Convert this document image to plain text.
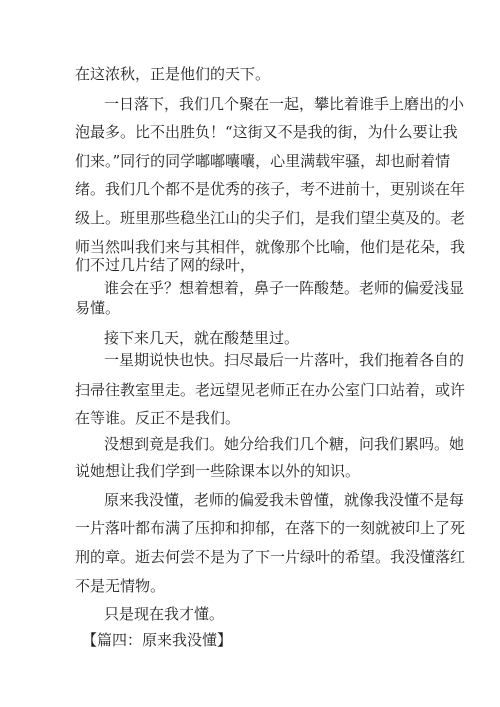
在这浓秋，正是他们的天下。
一日落下，我们几个聚在一起，攀比着谁手上磨出的小
泡最多。比不出胜负！“这街又不是我的街，为什么要让我
们来。”同行的同学嘟嘟囔囔，心里满载牢骚，却也耐着情
绪。我们几个都不是优秀的孩子，考不进前十，更别谈在年
级上。班里那些稳坐江山的尖子们，是我们望尘莫及的。老
师当然叫我们来与其相伴，就像那个比喻，他们是花朵，我
们不过几片结了网的绿叶，
谁会在乎？想着想着，鼻子一阵酸楚。老师的偏爱浅显
易懂。
接下来几天，就在酸楚里过。
一星期说快也快。扫尽最后一片落叶，我们拖着各自的
扫帚往教室里走。老远望见老师正在办公室门口站着，或许
在等谁。反正不是我们。
没想到竟是我们。她分给我们几个糖，问我们累吗。她
说她想让我们学到一些除课本以外的知识。
原来我没懂，老师的偏爱我未曾懂，就像我没懂不是每
一片落叶都布满了压抑和抑郁，在落下的一刻就被印上了死
刑的章。逝去何尝不是为了下一片绿叶的希望。我没懂落红
不是无情物。
只是现在我才懂。
【篇四：原来我没懂】
